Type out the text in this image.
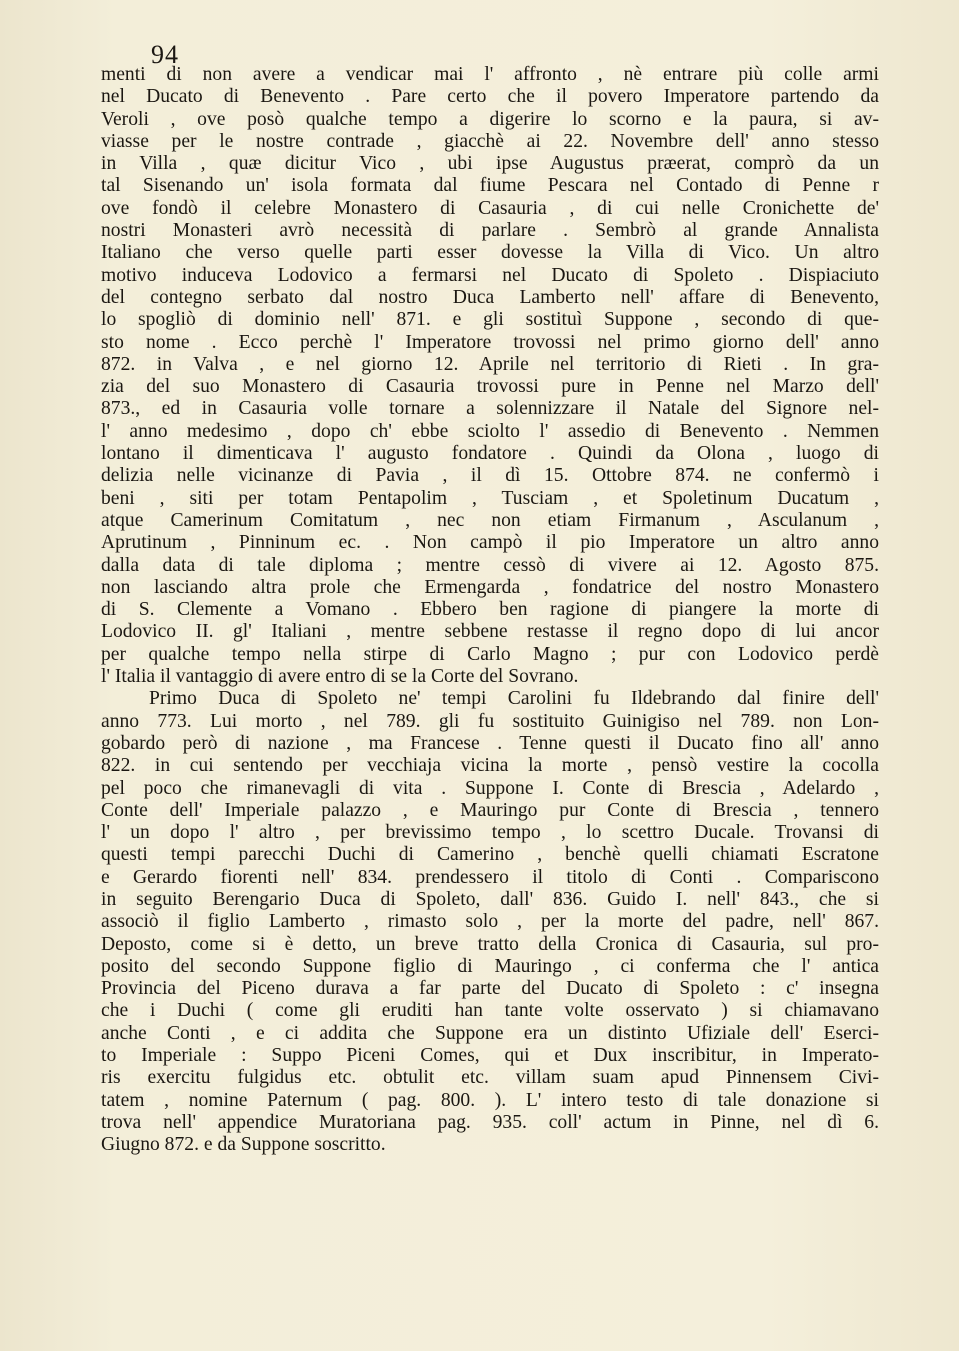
94
menti di non avere a vendicar mai l' affronto , nè entrare più colle armi
nel Ducato di Benevento . Pare certo che il povero Imperatore partendo da
Veroli , ove posò qualche tempo a digerire lo scorno e la paura, si av-
viasse per le nostre contrade , giacchè ai 22. Novembre dell' anno stesso
in Villa , quæ dicitur Vico , ubi ipse Augustus præerat, comprò da un
tal Sisenando un' isola formata dal fiume Pescara nel Contado di Penne r
ove fondò il celebre Monastero di Casauria , di cui nelle Cronichette de'
nostri Monasteri avrò necessità di parlare . Sembrò al grande Annalista
Italiano che verso quelle parti esser dovesse la Villa di Vico. Un altro
motivo induceva Lodovico a fermarsi nel Ducato di Spoleto . Dispiaciuto
del contegno serbato dal nostro Duca Lamberto nell' affare di Benevento,
lo spogliò di dominio nell' 871. e gli sostituì Suppone , secondo di que-
sto nome . Ecco perchè l' Imperatore trovossi nel primo giorno dell' anno
872. in Valva , e nel giorno 12. Aprile nel territorio di Rieti . In gra-
zia del suo Monastero di Casauria trovossi pure in Penne nel Marzo dell'
873., ed in Casauria volle tornare a solennizzare il Natale del Signore nel-
l' anno medesimo , dopo ch' ebbe sciolto l' assedio di Benevento . Nemmen
lontano il dimenticava l' augusto fondatore . Quindi da Olona , luogo di
delizia nelle vicinanze di Pavia , il dì 15. Ottobre 874. ne confermò i
beni , siti per totam Pentapolim , Tusciam , et Spoletinum Ducatum ,
atque Camerinum Comitatum , nec non etiam Firmanum , Asculanum ,
Aprutinum , Pinninum ec. . Non campò il pio Imperatore un altro anno
dalla data di tale diploma ; mentre cessò di vivere ai 12. Agosto 875.
non lasciando altra prole che Ermengarda , fondatrice del nostro Monastero
di S. Clemente a Vomano . Ebbero ben ragione di piangere la morte di
Lodovico II. gl' Italiani , mentre sebbene restasse il regno dopo di lui ancor
per qualche tempo nella stirpe di Carlo Magno ; pur con Lodovico perdè
l' Italia il vantaggio di avere entro di se la Corte del Sovrano.
Primo Duca di Spoleto ne' tempi Carolini fu Ildebrando dal finire dell'
anno 773. Lui morto , nel 789. gli fu sostituito Guinigiso nel 789. non Lon-
gobardo però di nazione , ma Francese . Tenne questi il Ducato fino all' anno
822. in cui sentendo per vecchiaja vicina la morte , pensò vestire la cocolla
pel poco che rimanevagli di vita . Suppone I. Conte di Brescia , Adelardo ,
Conte dell' Imperiale palazzo , e Mauringo pur Conte di Brescia , tennero
l' un dopo l' altro , per brevissimo tempo , lo scettro Ducale. Trovansi di
questi tempi parecchi Duchi di Camerino , benchè quelli chiamati Escratone
e Gerardo fiorenti nell' 834. prendessero il titolo di Conti . Compariscono
in seguito Berengario Duca di Spoleto, dall' 836. Guido I. nell' 843., che si
associò il figlio Lamberto , rimasto solo , per la morte del padre, nell' 867.
Deposto, come si è detto, un breve tratto della Cronica di Casauria, sul pro-
posito del secondo Suppone figlio di Mauringo , ci conferma che l' antica
Provincia del Piceno durava a far parte del Ducato di Spoleto : c' insegna
che i Duchi ( come gli eruditi han tante volte osservato ) si chiamavano
anche Conti , e ci addita che Suppone era un distinto Ufiziale dell' Eserci-
to Imperiale : Suppo Piceni Comes, qui et Dux inscribitur, in Imperato-
ris exercitu fulgidus etc. obtulit etc. villam suam apud Pinnensem Civi-
tatem , nomine Paternum ( pag. 800. ). L' intero testo di tale donazione si
trova nell' appendice Muratoriana pag. 935. coll' actum in Pinne, nel dì 6.
Giugno 872. e da Suppone soscritto.
